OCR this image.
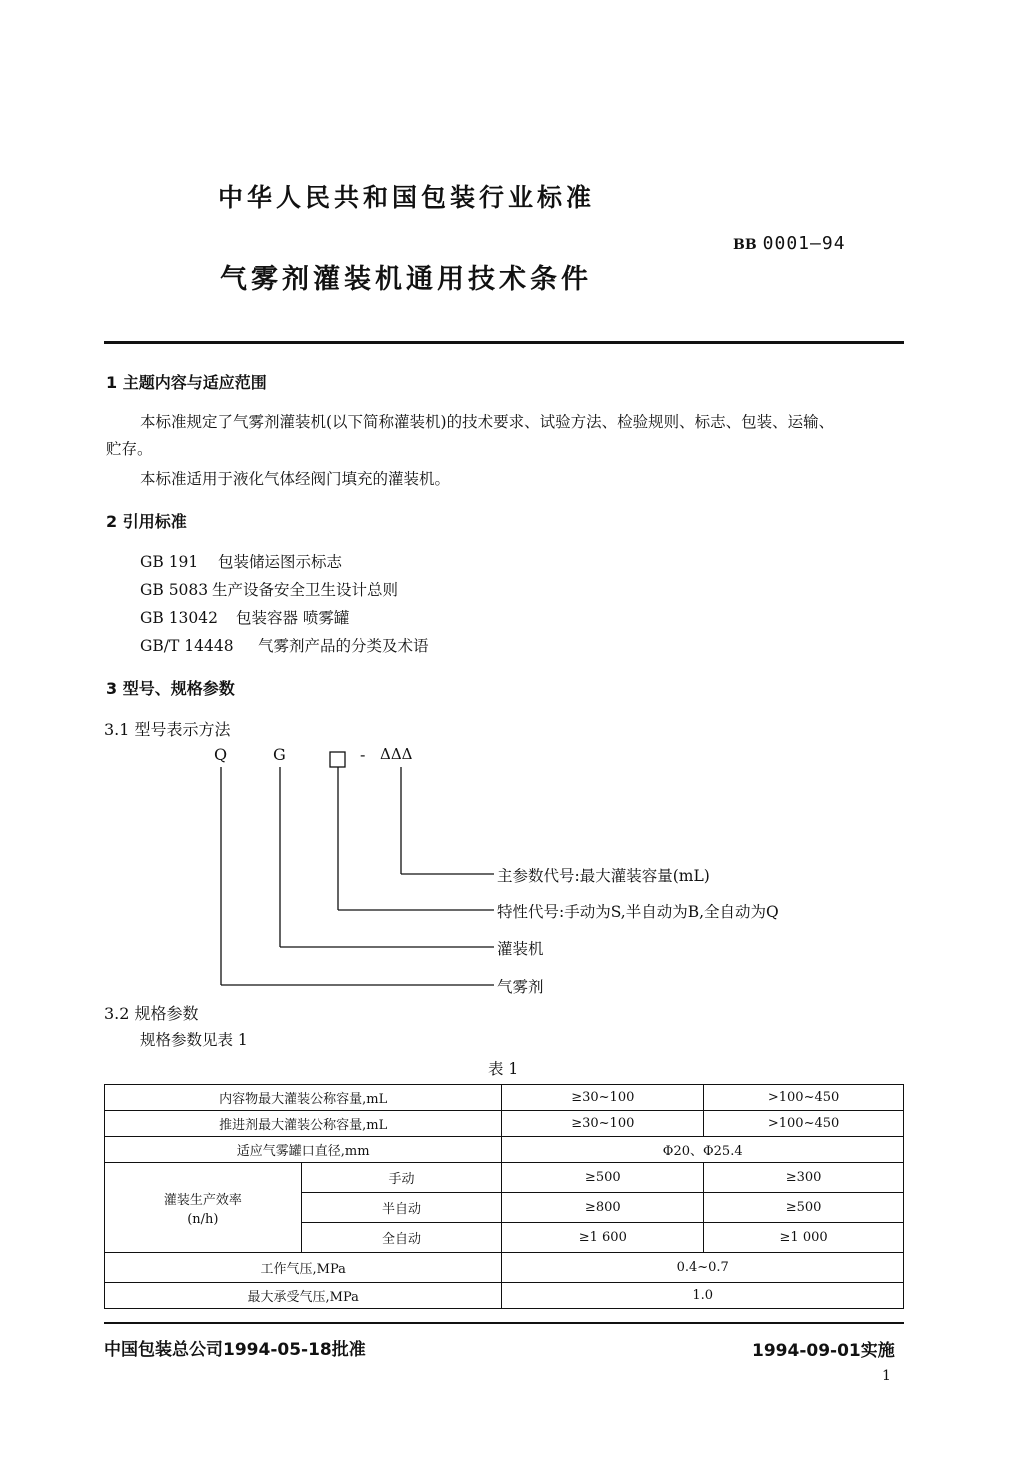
中华人民共和国包装行业标准
BB 0001—94
气雾剂灌装机通用技术条件
1 主题内容与适应范围
本标准规定了气雾剂灌装机(以下简称灌装机)的技术要求、试验方法、检验规则、标志、包装、运输、
贮存。
本标准适用于液化气体经阀门填充的灌装机。
2 引用标准
GB 191 包装储运图示标志
GB 5083 生产设备安全卫生设计总则
GB 13042 包装容器 喷雾罐
GB/T 14448 气雾剂产品的分类及术语
3 型号、规格参数
3.1 型号表示方法
Q	G	- ΔΔΔ
主参数代号:最大灌装容量(mL)
特性代号:手动为S,半自动为B,全自动为Q
灌装机
气雾剂
3.2 规格参数
规格参数见表 1
表 1
内容物最大灌装公称容量,mL		≥30~100	>100~450
推进剂最大灌装公称容量,mL		≥30~100	>100~450
适应气雾罐口直径,mm		Φ20、Φ25.4	

灌装生产效率
(n/h)	手动	≥500	≥300
	半自动	≥800	≥500
	全自动	≥1 600	≥1 000
工作气压,MPa		0.4~0.7	
最大承受气压,MPa		1.0	
中国包装总公司1994-05-18批准	1994-09-01实施
1
